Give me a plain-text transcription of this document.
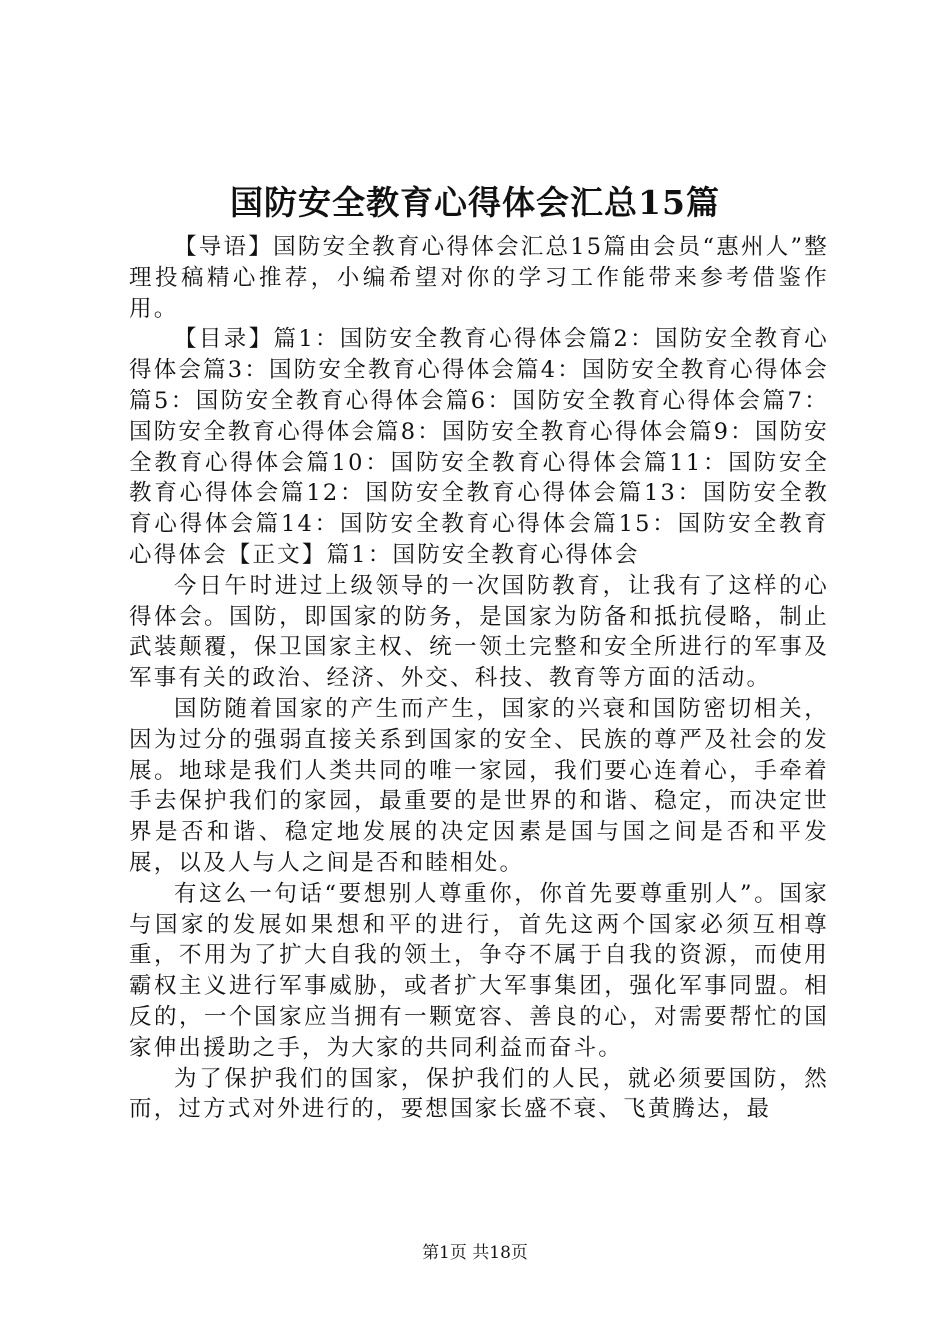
国防安全教育心得体会汇总15篇

【导语】国防安全教育心得体会汇总15篇由会员“惠州人”整理投稿精心推荐，小编希望对你的学习工作能带来参考借鉴作用。

【目录】篇1：国防安全教育心得体会篇2：国防安全教育心得体会篇3：国防安全教育心得体会篇4：国防安全教育心得体会篇5：国防安全教育心得体会篇6：国防安全教育心得体会篇7：国防安全教育心得体会篇8：国防安全教育心得体会篇9：国防安全教育心得体会篇10：国防安全教育心得体会篇11：国防安全教育心得体会篇12：国防安全教育心得体会篇13：国防安全教育心得体会篇14：国防安全教育心得体会篇15：国防安全教育心得体会【正文】篇1：国防安全教育心得体会

今日午时进过上级领导的一次国防教育，让我有了这样的心得体会。国防，即国家的防务，是国家为防备和抵抗侵略，制止武装颠覆，保卫国家主权、统一领土完整和安全所进行的军事及军事有关的政治、经济、外交、科技、教育等方面的活动。

国防随着国家的产生而产生，国家的兴衰和国防密切相关，因为过分的强弱直接关系到国家的安全、民族的尊严及社会的发展。地球是我们人类共同的唯一家园，我们要心连着心，手牵着手去保护我们的家园，最重要的是世界的和谐、稳定，而决定世界是否和谐、稳定地发展的决定因素是国与国之间是否和平发展，以及人与人之间是否和睦相处。

有这么一句话“要想别人尊重你，你首先要尊重别人”。国家与国家的发展如果想和平的进行，首先这两个国家必须互相尊重，不用为了扩大自我的领土，争夺不属于自我的资源，而使用霸权主义进行军事威胁，或者扩大军事集团，强化军事同盟。相反的，一个国家应当拥有一颗宽容、善良的心，对需要帮忙的国家伸出援助之手，为大家的共同利益而奋斗。

为了保护我们的国家，保护我们的人民，就必须要国防，然而，过方式对外进行的，要想国家长盛不衰、飞黄腾达，最

第1页 共18页
